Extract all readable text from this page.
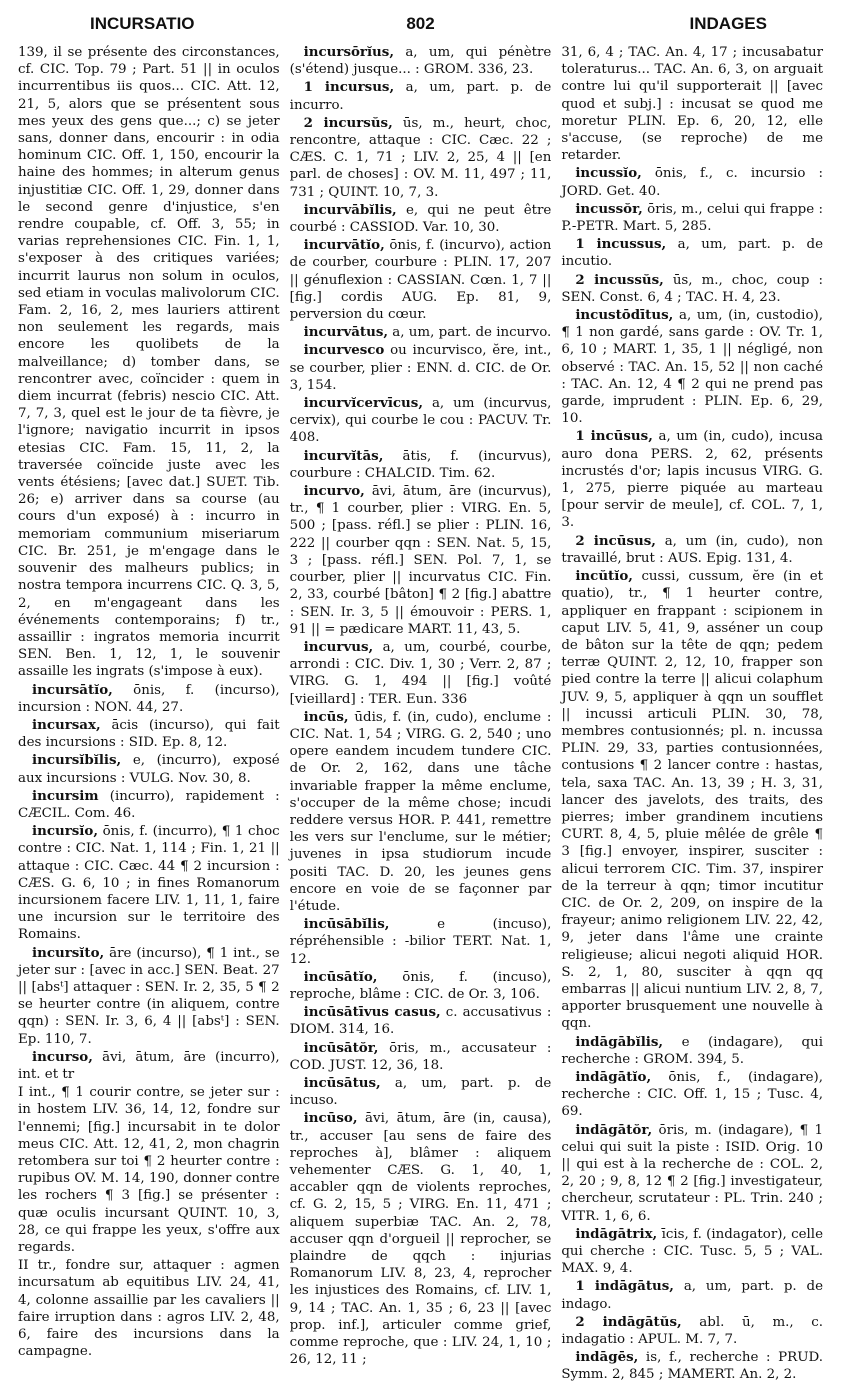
INCURSATIO	802	INDAGES

139, il se présente des circonstances, cf. CIC. Top. 79 ; Part. 51 || in oculos incurrentibus iis quos... CIC. Att. 12, 21, 5, alors que se présentent sous mes yeux des gens que...; c) se jeter sans, donner dans, encourir : in odia hominum CIC. Off. 1, 150, encourir la haine des hommes; in alterum genus injustitiæ CIC. Off. 1, 29, donner dans le second genre d'injustice, s'en rendre coupable, cf. Off. 3, 55; in varias reprehensiones CIC. Fin. 1, 1, s'exposer à des critiques variées; incurrit laurus non solum in oculos, sed etiam in voculas malivolorum CIC. Fam. 2, 16, 2, mes lauriers attirent non seulement les regards, mais encore les quolibets de la malveillance; d) tomber dans, se rencontrer avec, coïncider : quem in diem incurrat (febris) nescio CIC. Att. 7, 7, 3, quel est le jour de ta fièvre, je l'ignore; navigatio incurrit in ipsos etesias CIC. Fam. 15, 11, 2, la traversée coïncide juste avec les vents étésiens; [avec dat.] SUET. Tib. 26; e) arriver dans sa course (au cours d'un exposé) à : incurro in memoriam communium miseriarum CIC. Br. 251, je m'engage dans le souvenir des malheurs publics; in nostra tempora incurrens CIC. Q. 3, 5, 2, en m'engageant dans les événements contemporains; f) tr., assaillir : ingratos memoria incurrit SEN. Ben. 1, 12, 1, le souvenir assaille les ingrats (s'impose à eux).

incursātĭo, ōnis, f. (incurso), incursion : NON. 44, 27.

incursax, ācis (incurso), qui fait des incursions : SID. Ep. 8, 12.

incursĭbĭlis, e, (incurro), exposé aux incursions : VULG. Nov. 30, 8.

incursim (incurro), rapidement : CÆCIL. Com. 46.

incursĭo, ōnis, f. (incurro), ¶ 1 choc contre : CIC. Nat. 1, 114 ; Fin. 1, 21 || attaque : CIC. Cæc. 44 ¶ 2 incursion : CÆS. G. 6, 10 ; in fines Romanorum incursionem facere LIV. 1, 11, 1, faire une incursion sur le territoire des Romains.

incursĭto, āre (incurso), ¶ 1 int., se jeter sur : [avec in acc.] SEN. Beat. 27 || [absᵗ] attaquer : SEN. Ir. 2, 35, 5 ¶ 2 se heurter contre (in aliquem, contre qqn) : SEN. Ir. 3, 6, 4 || [absᵗ] : SEN. Ep. 110, 7.

incurso, āvi, ātum, āre (incurro), int. et tr

I int., ¶ 1 courir contre, se jeter sur : in hostem LIV. 36, 14, 12, fondre sur l'ennemi; [fig.] incursabit in te dolor meus CIC. Att. 12, 41, 2, mon chagrin retombera sur toi ¶ 2 heurter contre : rupibus OV. M. 14, 190, donner contre les rochers ¶ 3 [fig.] se présenter : quæ oculis incursant QUINT. 10, 3, 28, ce qui frappe les yeux, s'offre aux regards.

II tr., fondre sur, attaquer : agmen incursatum ab equitibus LIV. 24, 41, 4, colonne assaillie par les cavaliers || faire irruption dans : agros LIV. 2, 48, 6, faire des incursions dans la campagne.

incursōrĭus, a, um, qui pénètre (s'étend) jusque... : GROM. 336, 23.

1 incursus, a, um, part. p. de incurro.

2 incursŭs, ūs, m., heurt, choc, rencontre, attaque : CIC. Cæc. 22 ; CÆS. C. 1, 71 ; LIV. 2, 25, 4 || [en parl. de choses] : OV. M. 11, 497 ; 11, 731 ; QUINT. 10, 7, 3.

incurvābĭlis, e, qui ne peut être courbé : CASSIOD. Var. 10, 30.

incurvātĭo, ōnis, f. (incurvo), action de courber, courbure : PLIN. 17, 207 || génuflexion : CASSIAN. Cœn. 1, 7 || [fig.] cordis AUG. Ep. 81, 9, perversion du cœur.

incurvātus, a, um, part. de incurvo.

incurvesco ou incurvisco, ĕre, int., se courber, plier : ENN. d. CIC. de Or. 3, 154.

incurvĭcervīcus, a, um (incurvus, cervix), qui courbe le cou : PACUV. Tr. 408.

incurvĭtās, ātis, f. (incurvus), courbure : CHALCID. Tim. 62.

incurvo, āvi, ātum, āre (incurvus), tr., ¶ 1 courber, plier : VIRG. En. 5, 500 ; [pass. réfl.] se plier : PLIN. 16, 222 || courber qqn : SEN. Nat. 5, 15, 3 ; [pass. réfl.] SEN. Pol. 7, 1, se courber, plier || incurvatus CIC. Fin. 2, 33, courbé [bâton] ¶ 2 [fig.] abattre : SEN. Ir. 3, 5 || émouvoir : PERS. 1, 91 || = pædicare MART. 11, 43, 5.

incurvus, a, um, courbé, courbe, arrondi : CIC. Div. 1, 30 ; Verr. 2, 87 ; VIRG. G. 1, 494 || [fig.] voûté [vieillard] : TER. Eun. 336

incūs, ūdis, f. (in, cudo), enclume : CIC. Nat. 1, 54 ; VIRG. G. 2, 540 ; uno opere eandem incudem tundere CIC. de Or. 2, 162, dans une tâche invariable frapper la même enclume, s'occuper de la même chose; incudi reddere versus HOR. P. 441, remettre les vers sur l'enclume, sur le métier; juvenes in ipsa studiorum incude positi TAC. D. 20, les jeunes gens encore en voie de se façonner par l'étude.

incūsābĭlis,	e (incuso), répréhensible : -bilior TERT. Nat. 1, 12.

incūsātĭo, ōnis, f. (incuso), reproche, blâme : CIC. de Or. 3, 106.

incūsātīvus casus, c. accusativus : DIOM. 314, 16.

incūsātŏr, ōris, m., accusateur : COD. JUST. 12, 36, 18.

incūsātus, a, um, part. p. de incuso.

incūso, āvi, ātum, āre (in, causa), tr., accuser [au sens de faire des reproches à], blâmer : aliquem vehementer CÆS. G. 1, 40, 1, accabler qqn de violents reproches, cf. G. 2, 15, 5 ; VIRG. En. 11, 471 ; aliquem superbiæ TAC. An. 2, 78, accuser qqn d'orgueil || reprocher, se plaindre de qqch : injurias Romanorum LIV. 8, 23, 4, reprocher les injustices des Romains, cf. LIV. 1, 9, 14 ; TAC. An. 1, 35 ; 6, 23 || [avec prop. inf.], articuler comme grief, comme reproche, que : LIV. 24, 1, 10 ; 26, 12, 11 ;

31, 6, 4 ; TAC. An. 4, 17 ; incusabatur toleraturus... TAC. An. 6, 3, on arguait contre lui qu'il supporterait || [avec quod et subj.] : incusat se quod me moretur PLIN. Ep. 6, 20, 12, elle s'accuse, (se reproche) de me retarder.

incussĭo, ōnis, f., c. incursio : JORD. Get. 40.

incussŏr, ōris, m., celui qui frappe : P.-PETR. Mart. 5, 285.

1 incussus, a, um, part. p. de incutio.

2 incussŭs, ūs, m., choc, coup : SEN. Const. 6, 4 ; TAC. H. 4, 23.

incustōdītus, a, um, (in, custodio), ¶ 1 non gardé, sans garde : OV. Tr. 1, 6, 10 ; MART. 1, 35, 1 || négligé, non observé : TAC. An. 15, 52 || non caché : TAC. An. 12, 4 ¶ 2 qui ne prend pas garde, imprudent : PLIN. Ep. 6, 29, 10.

1 incūsus, a, um (in, cudo), incusa auro dona PERS. 2, 62, présents incrustés d'or; lapis incusus VIRG. G. 1, 275, pierre piquée au marteau [pour servir de meule], cf. COL. 7, 1, 3.

2 incūsus, a, um (in, cudo), non travaillé, brut : AUS. Epig. 131, 4.

incŭtĭo, cussi, cussum, ĕre (in et quatio), tr., ¶ 1 heurter contre, appliquer en frappant : scipionem in caput LIV. 5, 41, 9, asséner un coup de bâton sur la tête de qqn; pedem terræ QUINT. 2, 12, 10, frapper son pied contre la terre || alicui colaphum JUV. 9, 5, appliquer à qqn un soufflet || incussi articuli PLIN. 30, 78, membres contusionnés; pl. n. incussa PLIN. 29, 33, parties contusionnées, contusions ¶ 2 lancer contre : hastas, tela, saxa TAC. An. 13, 39 ; H. 3, 31, lancer des javelots, des traits, des pierres; imber grandinem incutiens CURT. 8, 4, 5, pluie mêlée de grêle ¶ 3 [fig.] envoyer, inspirer, susciter : alicui terrorem CIC. Tim. 37, inspirer de la terreur à qqn; timor incutitur CIC. de Or. 2, 209, on inspire de la frayeur; animo religionem LIV. 22, 42, 9, jeter dans l'âme une crainte religieuse; alicui negoti aliquid HOR. S. 2, 1, 80, susciter à qqn qq embarras || alicui nuntium LIV. 2, 8, 7, apporter brusquement une nouvelle à qqn.

indāgābĭlis, e (indagare), qui recherche : GROM. 394, 5.

indāgātĭo, ōnis, f., (indagare), recherche : CIC. Off. 1, 15 ; Tusc. 4, 69.

indāgātŏr, ōris, m. (indagare), ¶ 1 celui qui suit la piste : ISID. Orig. 10 || qui est à la recherche de : COL. 2, 2, 20 ; 9, 8, 12 ¶ 2 [fig.] investigateur, chercheur, scrutateur : PL. Trin. 240 ; VITR. 1, 6, 6.

indāgātrix, īcis, f. (indagator), celle qui cherche : CIC. Tusc. 5, 5 ; VAL. MAX. 9, 4.

1 indāgātus, a, um, part. p. de indago.

2 indāgātŭs, abl. ū, m., c. indagatio : APUL. M. 7, 7.

indāgēs, is, f., recherche : PRUD. Symm. 2, 845 ; MAMERT. An. 2, 2.
